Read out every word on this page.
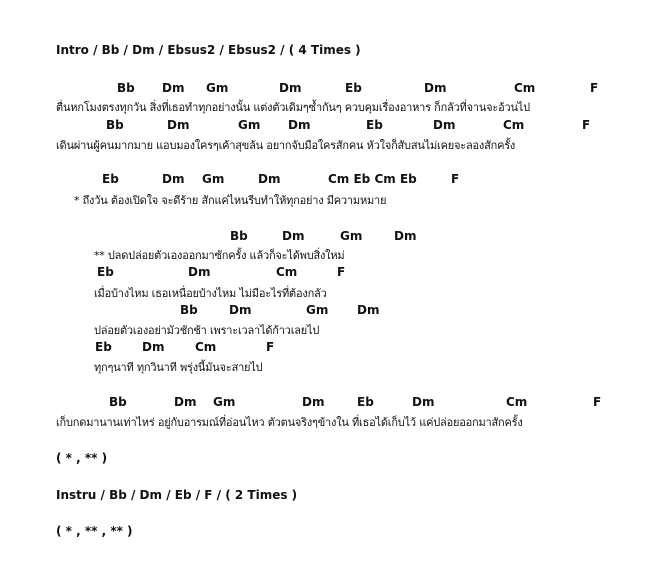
Intro / Bb / Dm / Ebsus2 / Ebsus2 / ( 4 Times )
Bb Dm Gm	Dm	Eb	Dm	Cm	F
ตื่นหกโมงตรงทุกวัน สิ่งที่เธอทำทุกอย่างนั้น แต่งตัวเดิมๆซ้ำกันๆ ควบคุมเรื่องอาหาร ก็กลัวที่จานจะอ้วนไป
Bb	Dm	Gm Dm	Eb	Dm	Cm	F
เดินผ่านผู้คนมากมาย แอบมองใครๆเค้าสุขล้น อยากจับมือใครสักคน หัวใจก็สับสนไม่เคยจะลองสักครั้ง
Eb	Dm Gm	Dm	Cm Eb Cm Eb	F
* ถึงวัน ต้องเปิดใจ จะดีร้าย สักแค่ไหนรีบทำให้ทุกอย่าง มีความหมาย
Bb	Dm	Gm	Dm
** ปลดปล่อยตัวเองออกมาซักครั้ง แล้วก็จะได้พบสิ่งใหม่
Eb	Dm	Cm	F
เมื่อบ้างไหม เธอเหนื่อยบ้างไหม ไม่มีอะไรที่ต้องกลัว
Bb	Dm	Gm Dm
ปล่อยตัวเองอย่ามัวชักช้า เพราะเวลาได้ก้าวเลยไป
Eb	Dm	Cm	F
ทุกๆนาที ทุกวินาที พรุ่งนี้มันจะสายไป
Bb	Dm Gm	Dm	Eb	Dm	Cm	F
เก็บกดมานานเท่าไหร่ อยู่กับอารมณ์ที่อ่อนไหว ตัวตนจริงๆข้างใน ที่เธอได้เก็บไว้ แค่ปล่อยออกมาสักครั้ง
( * , ** )
Instru / Bb / Dm / Eb / F / ( 2 Times )
( * , ** , ** )
